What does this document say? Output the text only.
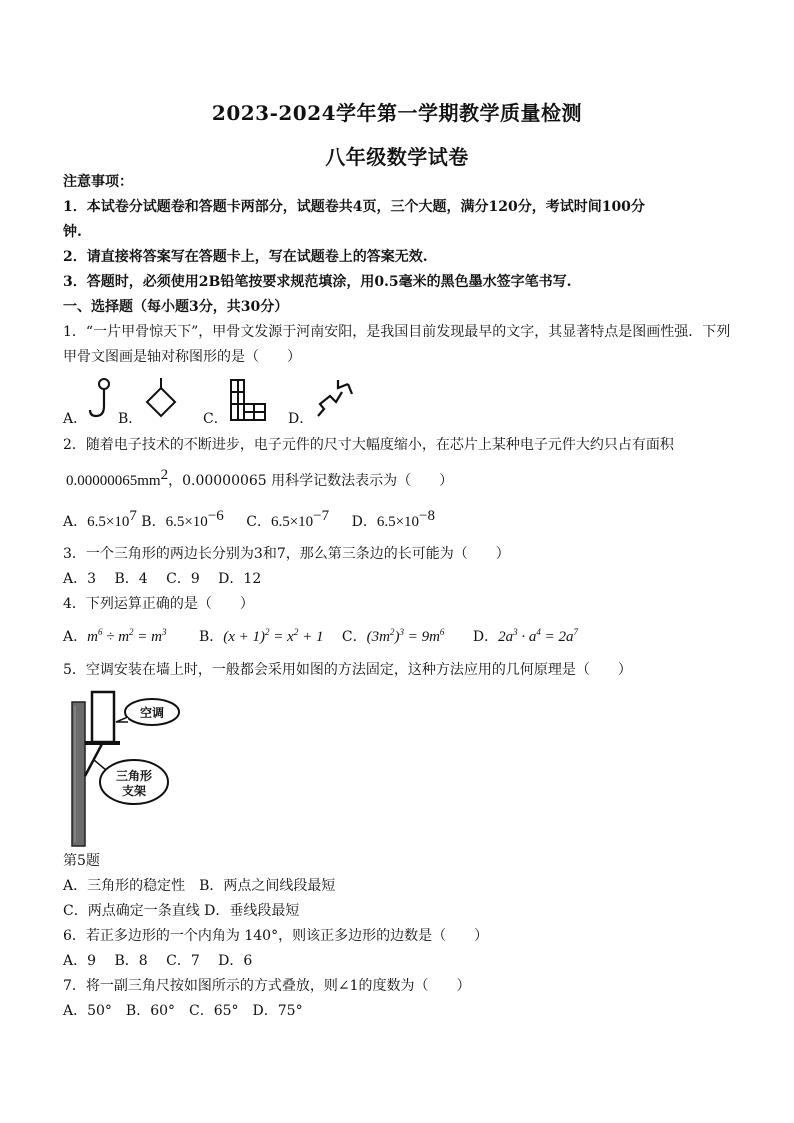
2023-2024学年第一学期教学质量检测
八年级数学试卷
注意事项：
1．本试卷分试题卷和答题卡两部分，试题卷共4页，三个大题，满分120分，考试时间100分
钟.
2．请直接将答案写在答题卡上，写在试题卷上的答案无效.
3．答题时，必须使用2B铅笔按要求规范填涂，用0.5毫米的黑色墨水签字笔书写.
一、选择题（每小题3分，共30分）
1．“一片甲骨惊天下”，甲骨文发源于河南安阳，是我国目前发现最早的文字，其显著特点是图画性强．下列
甲骨文图画是轴对称图形的是（　　）
A．	B．	C．	D．
2．随着电子技术的不断进步，电子元件的尺寸大幅度缩小，在芯片上某种电子元件大约只占有面积
$0.00000065mm^2$，0.00000065 用科学记数法表示为（　　）
A．$6.5\times 10^7$ B．$6.5\times 10^{-6}$ C．$6.5\times 10^{-7}$ D．$6.5\times 10^{-8}$
3．一个三角形的两边长分别为3和7，那么第三条边的长可能为（　　）
A．3　 B．4　 C．9　 D．12
4．下列运算正确的是（　　）
A．$m^6 \div m^2 = m^3$ B．$(x + 1)^2 = x^2 + 1$ C．$(3m^2)^3 = 9m^6$ D．$2a^3 \cdot a^4 = 2a^7$
5．空调安装在墙上时，一般都会采用如图的方法固定，这种方法应用的几何原理是（　　）
空调
三角形
支架
第5题
A．三角形的稳定性　B．两点之间线段最短
C．两点确定一条直线 D．垂线段最短
6．若正多边形的一个内角为 140°，则该正多边形的边数是（　　）
A．9　 B．8　 C．7　 D．6
7．将一副三角尺按如图所示的方式叠放，则∠1的度数为（　　）
A．50°　B．60°　C．65°　D．75°
